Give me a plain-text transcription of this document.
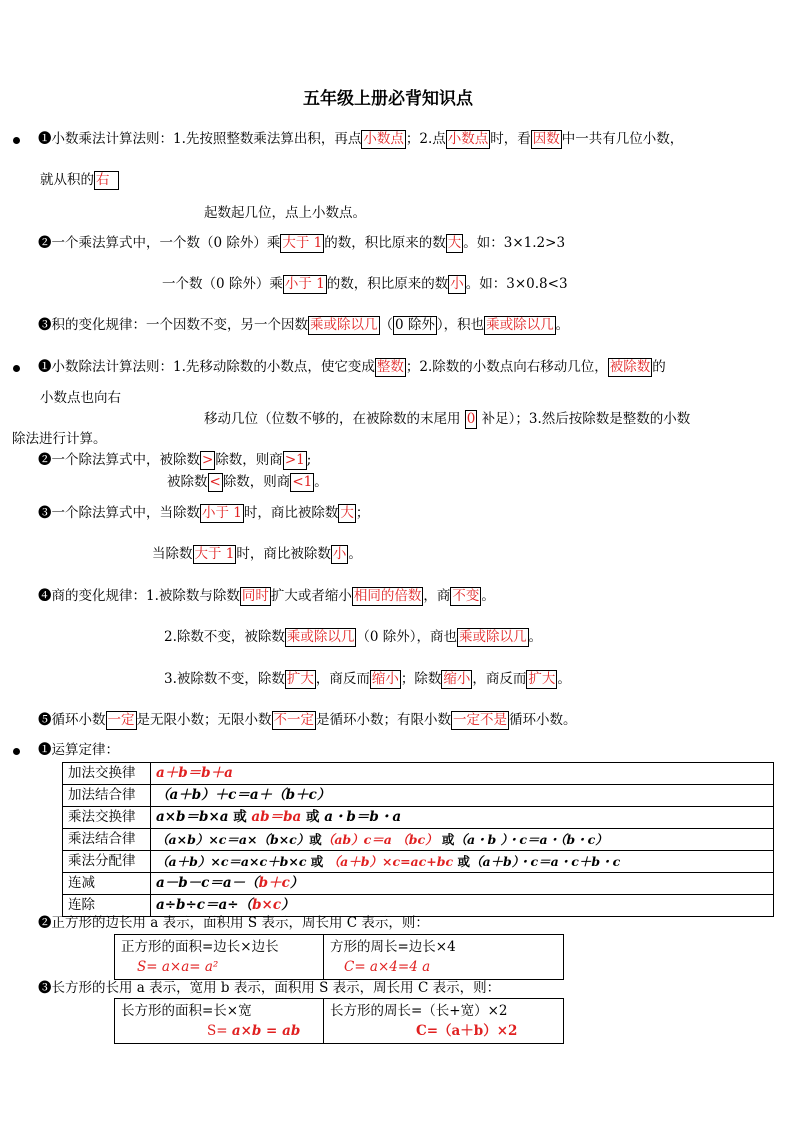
五年级上册必背知识点
❶小数乘法计算法则：1.先按照整数乘法算出积，再点 小数点 ；2.点 小数点 时，看 因数 中一共有几位小数，
就从积的 右
起数起几位，点上小数点。
❷一个乘法算式中，一个数（0 除外）乘 大于 1 的数，积比原来的数 大 。如：3×1.2>3
一个数（0 除外）乘 小于 1 的数，积比原来的数 小 。如：3×0.8<3
❸积的变化规律：一个因数不变，另一个因数 乘或除以几 （ 0 除外 ），积也 乘或除以几 。
❶小数除法计算法则：1.先移动除数的小数点，使它变成 整数 ；2.除数的小数点向右移动几位， 被除数 的
小数点也向右
移动几位（位数不够的，在被除数的末尾用 0 补足）；3.然后按除数是整数的小数
除法进行计算。
❷一个除法算式中，被除数 > 除数，则商 >1 ;
被除数 < 除数，则商 <1 。
❸一个除法算式中，当除数 小于 1 时，商比被除数 大 ；
当除数 大于 1 时，商比被除数 小 。
❹商的变化规律：1.被除数与除数 同时 扩大或者缩小 相同的倍数 ，商 不变 。
2.除数不变，被除数 乘或除以几 （0 除外），商也 乘或除以几 。
3.被除数不变，除数 扩大 ，商反而 缩小 ；除数 缩小 ，商反而 扩大 。
❺循环小数 一定 是无限小数；无限小数 不一定 是循环小数；有限小数 一定不是 循环小数。
❶运算定律：
加法交换律	a＋b＝b＋a
加法结合律	（a＋b）＋c＝a＋（b＋c）
乘法交换律	a×b＝b×a 或 ab＝ba 或 a・b＝b・a
乘法结合律	（a×b）×c＝a×（b×c）或（ab）c＝a （bc） 或（a・b ）・c＝a・（b・c）
乘法分配律	（a＋b）×c＝a×c＋b×c 或 （a＋b）×c=ac+bc 或（a＋b）・c＝a・c＋b・c
连减	a－b－c＝a－（b＋c）
连除	a÷b÷c＝a÷（b×c）
❷正方形的边长用 a 表示，面积用 S 表示，周长用 C 表示，则：
正方形的面积=边长×边长
S= a×a= a²

方形的周长=边长×4
C= a×4=4 a
❸长方形的长用 a 表示，宽用 b 表示，面积用 S 表示，周长用 C 表示，则：
长方形的面积=长×宽
S= a×b = ab

长方形的周长=（长+宽）×2
C=（a＋b）×2
